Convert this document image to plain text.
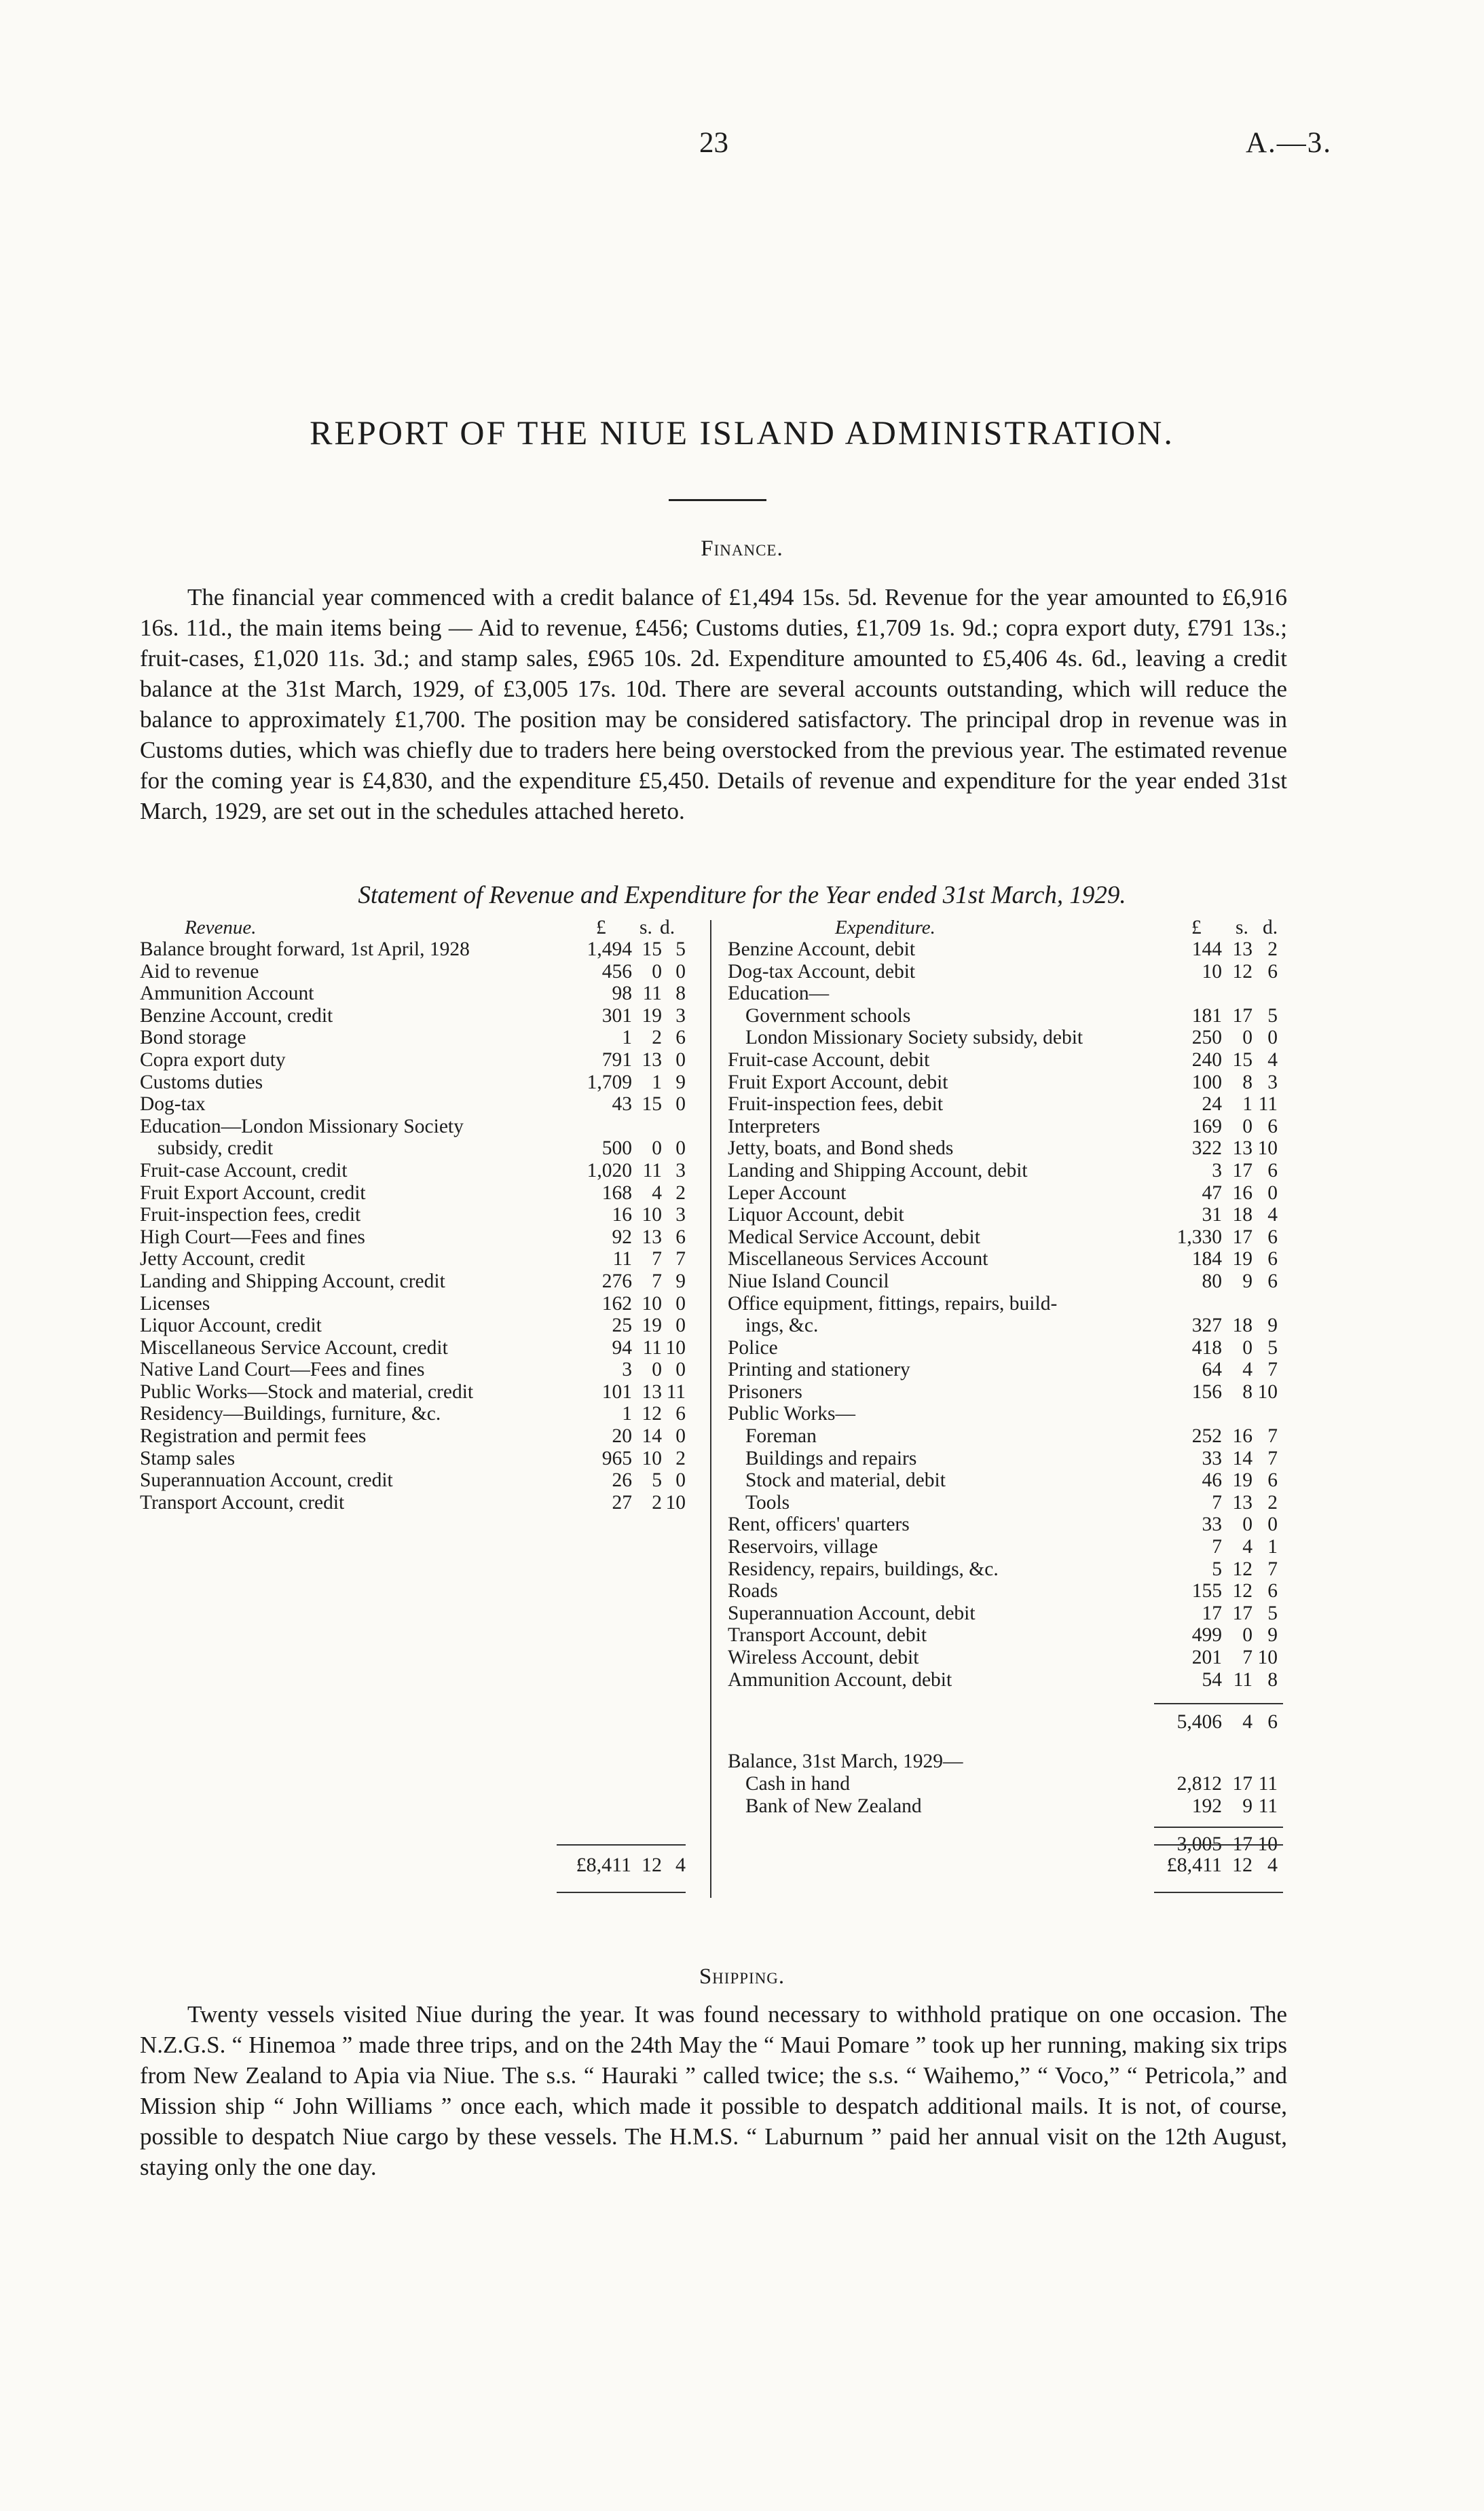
23	A.—3.
REPORT OF THE NIUE ISLAND ADMINISTRATION.
Finance.

The financial year commenced with a credit balance of £1,494 15s. 5d. Revenue for the year amounted to £6,916 16s. 11d., the main items being — Aid to revenue, £456; Customs duties, £1,709 1s. 9d.; copra export duty, £791 13s.; fruit-cases, £1,020 11s. 3d.; and stamp sales, £965 10s. 2d. Expenditure amounted to £5,406 4s. 6d., leaving a credit balance at the 31st March, 1929, of £3,005 17s. 10d. There are several accounts outstanding, which will reduce the balance to approximately £1,700. The position may be considered satisfactory. The principal drop in revenue was in Customs duties, which was chiefly due to traders here being overstocked from the previous year. The estimated revenue for the coming year is £4,830, and the expenditure £5,450. Details of revenue and expenditure for the year ended 31st March, 1929, are set out in the schedules attached hereto.

Statement of Revenue and Expenditure for the Year ended 31st March, 1929.
Revenue.	£ s. d.
Balance brought forward, 1st April, 1928	1,494 15 5
Aid to revenue	456 0 0
Ammunition Account	98 11 8
Benzine Account, credit	301 19 3
Bond storage	1 2 6
Copra export duty	791 13 0
Customs duties	1,709 1 9
Dog-tax	43 15 0
Education—London Missionary Society
subsidy, credit	500 0 0
Fruit-case Account, credit	1,020 11 3
Fruit Export Account, credit	168 4 2
Fruit-inspection fees, credit	16 10 3
High Court—Fees and fines	92 13 6
Jetty Account, credit	11 7 7
Landing and Shipping Account, credit	276 7 9
Licenses	162 10 0
Liquor Account, credit	25 19 0
Miscellaneous Service Account, credit	94 11 10
Native Land Court—Fees and fines	3 0 0
Public Works—Stock and material, credit	101 13 11
Residency—Buildings, furniture, &c.	1 12 6
Registration and permit fees	20 14 0
Stamp sales	965 10 2
Superannuation Account, credit	26 5 0
Transport Account, credit	27 2 10
£8,411 12 4
Expenditure.	£ s. d.
Benzine Account, debit	144 13 2
Dog-tax Account, debit	10 12 6
Education—
Government schools	181 17 5
London Missionary Society subsidy, debit	250	0 0
Fruit-case Account, debit	240 15 4
Fruit Export Account, debit	100	8 3
Fruit-inspection fees, debit	24	1 11
Interpreters	169	0 6
Jetty, boats, and Bond sheds	322 13 10
Landing and Shipping Account, debit	3 17 6
Leper Account	47 16 0
Liquor Account, debit	31 18 4
Medical Service Account, debit	1,330 17 6
Miscellaneous Services Account	184 19 6
Niue Island Council	80	9 6
Office equipment, fittings, repairs, build-
ings, &c.	327 18 9
Police	418	0 5
Printing and stationery	64	4 7
Prisoners	156	8 10
Public Works—
Foreman	252 16 7
Buildings and repairs	33 14 7
Stock and material, debit	46 19 6
Tools	7 13 2
Rent, officers' quarters	33	0 0
Reservoirs, village	7	4 1
Residency, repairs, buildings, &c.	5 12 7
Roads	155 12 6
Superannuation Account, debit	17 17 5
Transport Account, debit	499	0 9
Wireless Account, debit	201	7 10
Ammunition Account, debit	54 11 8
5,406	4 6
Balance, 31st March, 1929—
Cash in hand	2,812 17 11
Bank of New Zealand	192	9 11
3,005 17 10
£8,411 12 4
Shipping.

Twenty vessels visited Niue during the year. It was found necessary to withhold pratique on one occasion. The N.Z.G.S. “ Hinemoa ” made three trips, and on the 24th May the “ Maui Pomare ” took up her running, making six trips from New Zealand to Apia via Niue. The s.s. “ Hauraki ” called twice; the s.s. “ Waihemo,” “ Voco,” “ Petricola,” and Mission ship “ John Williams ” once each, which made it possible to despatch additional mails. It is not, of course, possible to despatch Niue cargo by these vessels. The H.M.S. “ Laburnum ” paid her annual visit on the 12th August, staying only the one day.
